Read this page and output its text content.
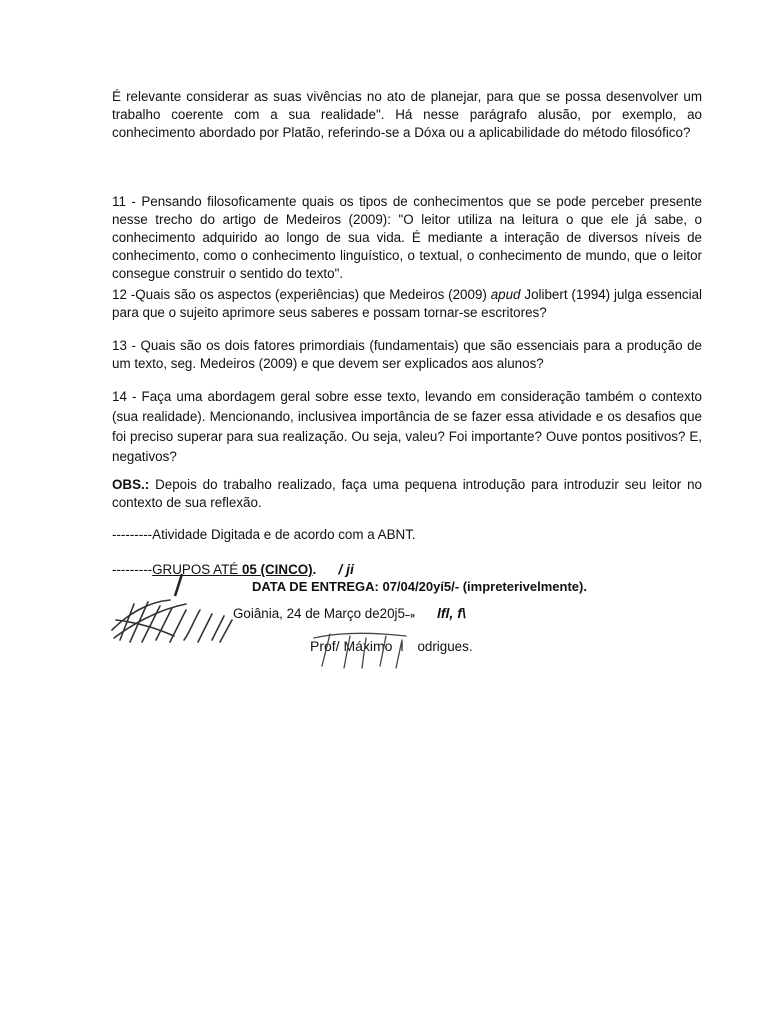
É relevante considerar as suas vivências no ato de planejar, para que se possa desenvolver um trabalho coerente com a sua realidade". Há nesse parágrafo alusão, por exemplo, ao conhecimento abordado por Platão, referindo-se a Dóxa ou a aplicabilidade do método filosófico?

11 - Pensando filosoficamente quais os tipos de conhecimentos que se pode perceber presente nesse trecho do artigo de Medeiros (2009): "O leitor utiliza na leitura o que ele já sabe, o conhecimento adquirido ao longo de sua vida. É mediante a interação de diversos níveis de conhecimento, como o conhecimento linguístico, o textual, o conhecimento de mundo, que o leitor consegue construir o sentido do texto".

12 -Quais são os aspectos (experiências) que Medeiros (2009) apud Jolibert (1994) julga essencial para que o sujeito aprimore seus saberes e possam tornar-se escritores?

13 - Quais são os dois fatores primordiais (fundamentais) que são essenciais para a produção de um texto, seg. Medeiros (2009) e que devem ser explicados aos alunos?

14 - Faça uma abordagem geral sobre esse texto, levando em consideração também o contexto (sua realidade). Mencionando, inclusivea importância de se fazer essa atividade e os desafios que foi preciso superar para sua realização. Ou seja, valeu? Foi importante? Ouve pontos positivos? E, negativos?

OBS.: Depois do trabalho realizado, faça uma pequena introdução para introduzir seu leitor no contexto de sua reflexão.

---------Atividade Digitada e de acordo com a ABNT.
---------GRUPOS ATÉ 05 (CINCO). / ji
DATA DE ENTREGA: 07/04/20yí5/- (impreterivelmente).
Goiânia, 24 de Março de20j5–» lfl, f\
Prof/ Máximo l odrigues.
